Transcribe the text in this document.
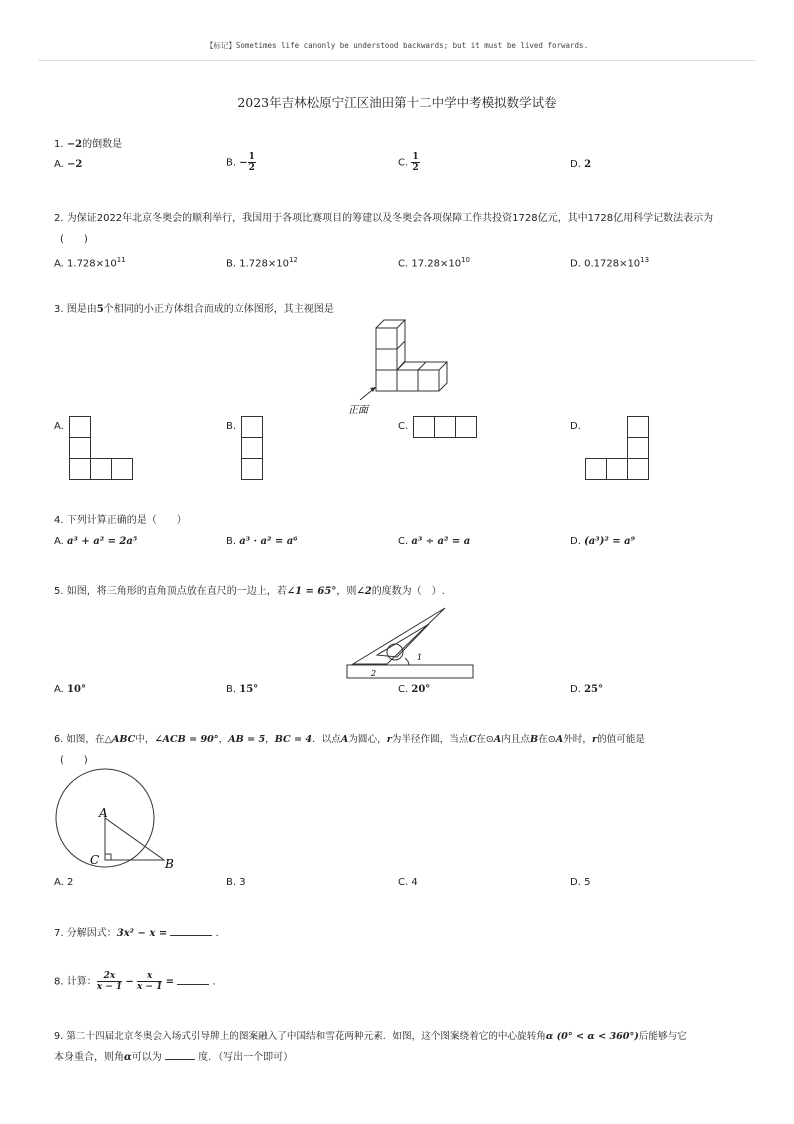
【标记】Sometimes life canonly be understood backwards; but it must be lived forwards.
2023年吉林松原宁江区油田第十二中学中考模拟数学试卷
1. −2的倒数是
A. −2	B. − $\frac{1}{2}$	C. $\frac{1}{2}$	D. 2
2. 为保证2022年北京冬奥会的顺利举行，我国用于各项比赛项目的筹建以及冬奥会各项保障工作共投资1728亿元，其中1728亿用科学记数法表示为
(　　)
A. $1.728\times 10^{11}$	B. $1.728\times 10^{12}$	C. $17.28\times 10^{10}$	D. $0.1728\times 10^{13}$
3. 图是由5个相同的小正方体组合而成的立体图形，其主视图是
正面
A.	B.	C.	D.
4. 下列计算正确的是（　　）
A. a³ + a² = 2a⁵	B. a³ · a² = a⁶	C. a³ ÷ a² = a	D. (a³)² = a⁹
5. 如图，将三角形的直角顶点放在直尺的一边上，若∠1 = 65°，则∠2的度数为（　）.
1
2
A. 10°	B. 15°	C. 20°	D. 25°
6. 如图，在△ABC中，∠ACB = 90°，AB = 5，BC = 4．以点A为圆心，r为半径作圆，当点C在⊙A内且点B在⊙A外时，r的值可能是
(　　)
A
C	B
A. 2	B. 3	C. 4	D. 5
7. 分解因式：3x² − x =	．
8. 计算： $\frac{2x}{x - 1} - \frac{x}{x - 1}$ =	．
9. 第二十四届北京冬奥会入场式引导牌上的图案融入了中国结和雪花两种元素．如图，这个图案绕着它的中心旋转角α (0° < α < 360°)后能够与它
本身重合，则角α可以为	度．（写出一个即可）
